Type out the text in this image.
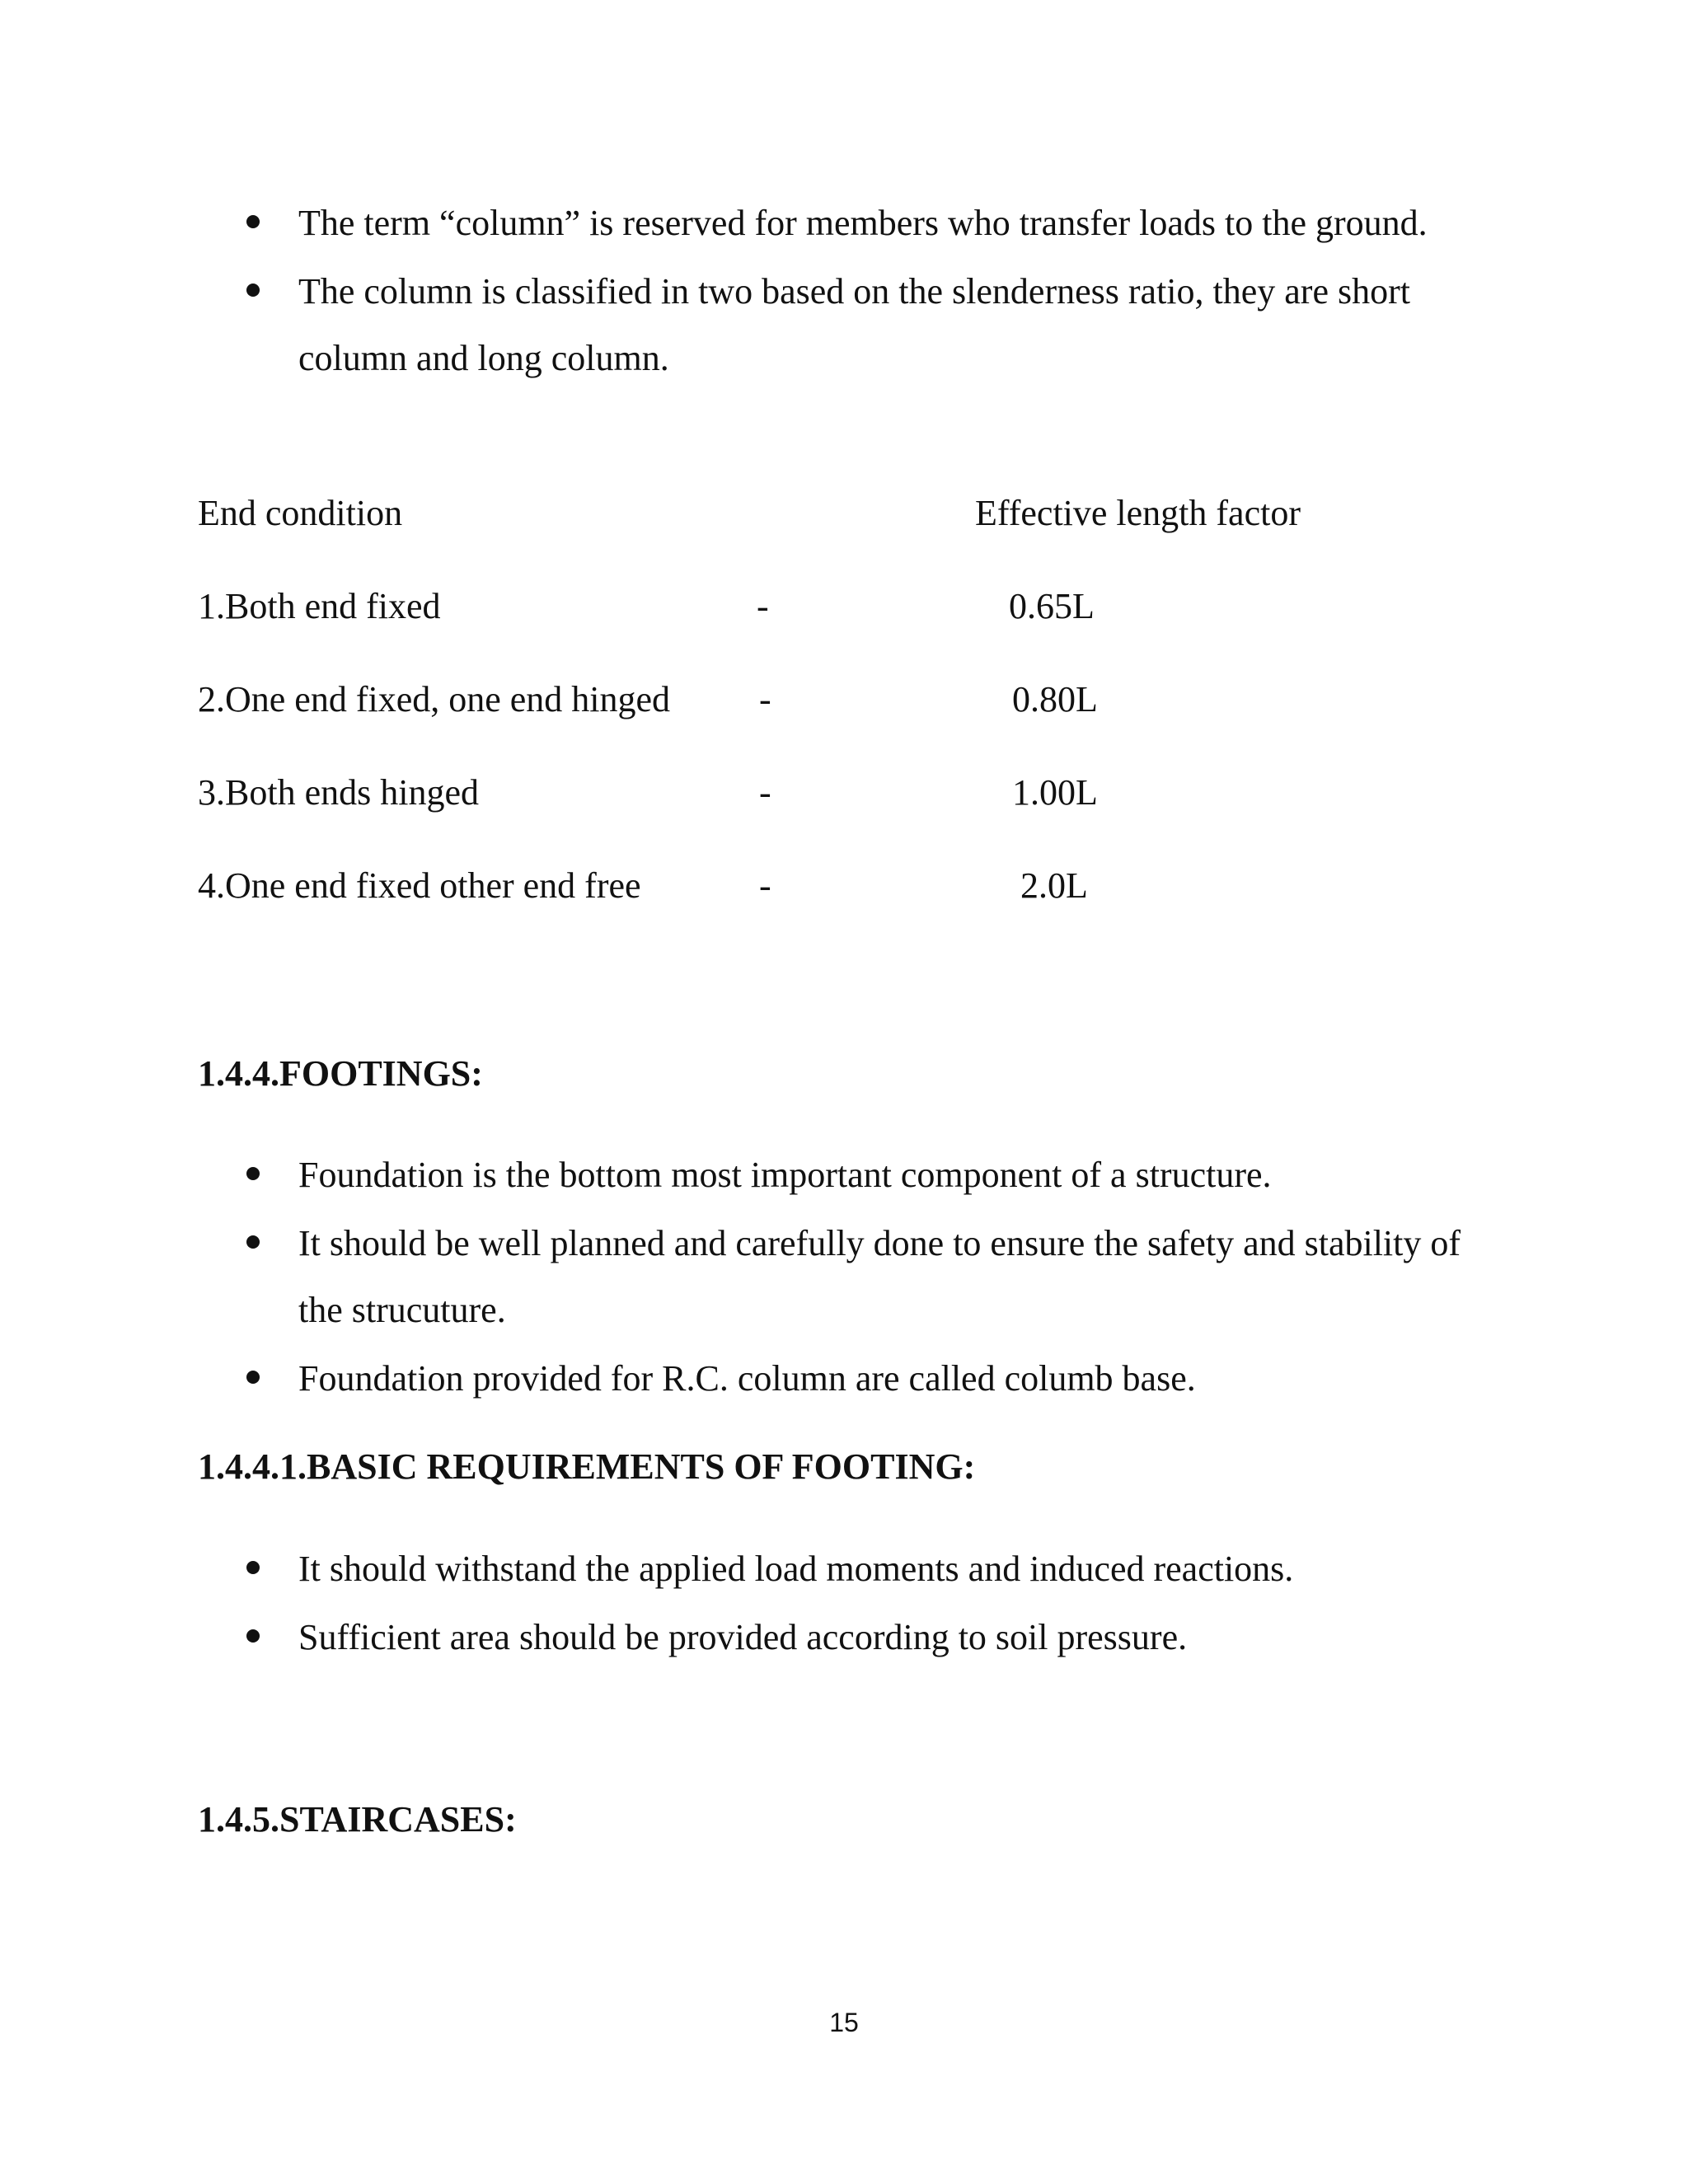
The term “column” is reserved for members who transfer loads to the ground.
The column is classified in two based on the slenderness ratio, they are short column and long column.
End condition	Effective length factor
1.Both end fixed	-	0.65L
2.One end fixed, one end hinged -	0.80L
3.Both ends hinged	-	1.00L
4.One end fixed other end free	-	2.0L
1.4.4.FOOTINGS:
Foundation is the bottom most important component of a structure.
It should be well planned and carefully done to ensure the safety and stability of the strucuture.
Foundation provided for R.C. column are called columb base.
1.4.4.1.BASIC REQUIREMENTS OF FOOTING:
It should withstand the applied load moments and induced reactions.
Sufficient area should be provided according to soil pressure.
1.4.5.STAIRCASES:
15
